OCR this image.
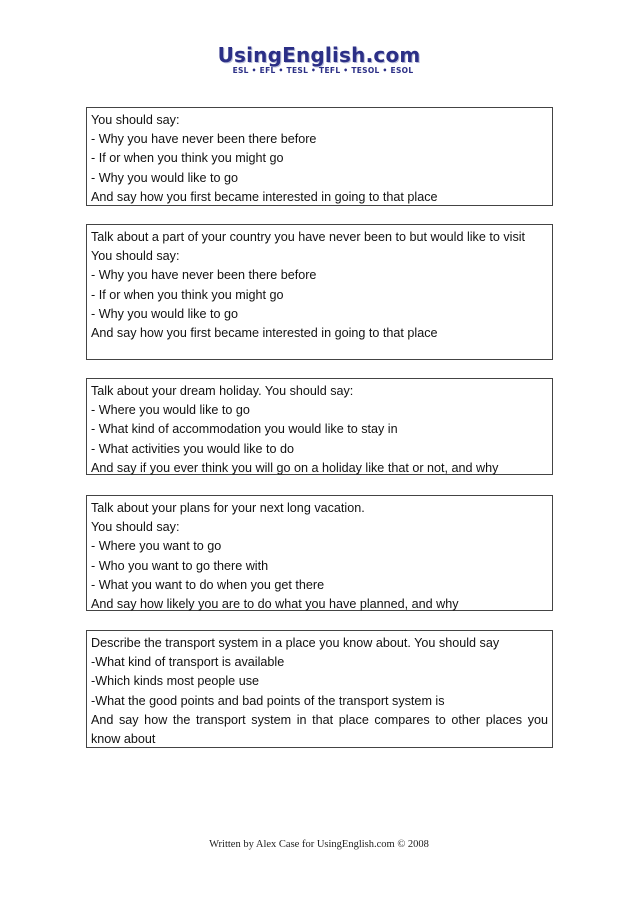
UsingEnglish.com
ESL • EFL • TESL • TEFL • TESOL • ESOL
You should say:
- Why you have never been there before
- If or when you think you might go
- Why you would like to go
And say how you first became interested in going to that place
Talk about a part of your country you have never been to but would like to visit
You should say:
- Why you have never been there before
- If or when you think you might go
- Why you would like to go
And say how you first became interested in going to that place
Talk about your dream holiday. You should say:
- Where you would like to go
- What kind of accommodation you would like to stay in
- What activities you would like to do
And say if you ever think you will go on a holiday like that or not, and why
Talk about your plans for your next long vacation.
You should say:
- Where you want to go
- Who you want to go there with
- What you want to do when you get there
And say how likely you are to do what you have planned, and why
Describe the transport system in a place you know about. You should say
-What kind of transport is available
-Which kinds most people use
-What the good points and bad points of the transport system is
And say how the transport system in that place compares to other places you know about
Written by Alex Case for UsingEnglish.com © 2008
